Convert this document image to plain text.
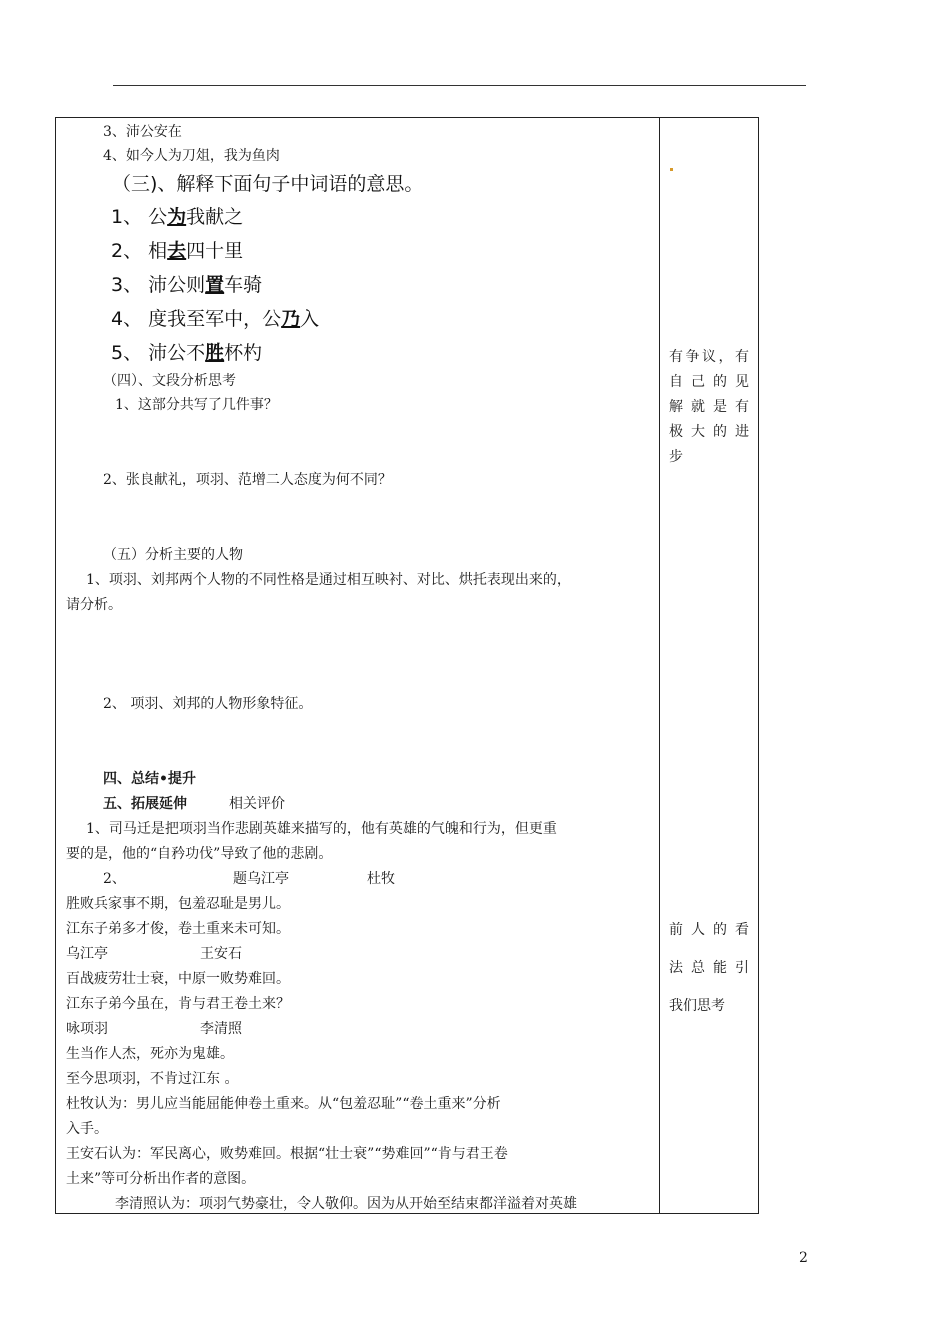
3、沛公安在
4、如今人为刀俎，我为鱼肉
（三)、解释下面句子中词语的意思。
1、 公为我献之
2、 相去四十里
3、 沛公则置车骑
4、 度我至军中，公乃入
5、 沛公不胜杯杓
（四）、文段分析思考
1、这部分共写了几件事？
2、张良献礼，项羽、范增二人态度为何不同？
（五）分析主要的人物
1、项羽、刘邦两个人物的不同性格是通过相互映衬、对比、烘托表现出来的，
请分析。
2、 项羽、刘邦的人物形象特征。
四、总结•提升
五、拓展延伸	相关评价
1、司马迁是把项羽当作悲剧英雄来描写的，他有英雄的气魄和行为，但更重
要的是，他的“自矜功伐”导致了他的悲剧。
2、	题乌江亭	杜牧
胜败兵家事不期，包羞忍耻是男儿。
江东子弟多才俊，卷土重来未可知。
乌江亭	王安石
百战疲劳壮士衰，中原一败势难回。
江东子弟今虽在，肯与君王卷土来？
咏项羽	李清照
生当作人杰，死亦为鬼雄。
至今思项羽，不肯过江东 。
杜牧认为：男儿应当能屈能伸卷土重来。从“包羞忍耻”“卷土重来”分析
入手。
王安石认为：军民离心，败势难回。根据“壮士衰”“势难回”“肯与君王卷
土来”等可分析出作者的意图。
李清照认为：项羽气势豪壮，令人敬仰。因为从开始至结束都洋溢着对英雄
有争议，有
自己的见
解就是有
极大的进
步
前人的看
法总能引
我们思考
2
